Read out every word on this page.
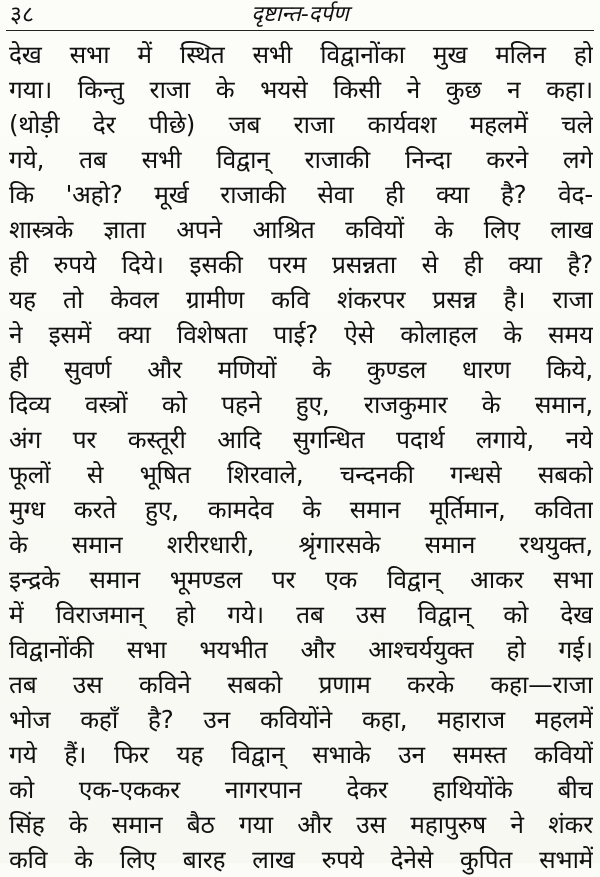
३८	दृष्टान्त-दर्पण
देख सभा में स्थित सभी विद्वानोंका मुख मलिन हो
गया। किन्तु राजा के भयसे किसी ने कुछ न कहा।
(थोड़ी देर पीछे) जब राजा कार्यवश महलमें चले
गये, तब सभी विद्वान् राजाकी निन्दा करने लगे
कि 'अहो? मूर्ख राजाकी सेवा ही क्या है? वेद-
शास्त्रके ज्ञाता अपने आश्रित कवियों के लिए लाख
ही रुपये दिये। इसकी परम प्रसन्नता से ही क्या है?
यह तो केवल ग्रामीण कवि शंकरपर प्रसन्न है। राजा
ने इसमें क्या विशेषता पाई? ऐसे कोलाहल के समय
ही सुवर्ण और मणियों के कुण्डल धारण किये,
दिव्य वस्त्रों को पहने हुए, राजकुमार के समान,
अंग पर कस्तूरी आदि सुगन्धित पदार्थ लगाये, नये
फूलों से भूषित शिरवाले, चन्दनकी गन्धसे सबको
मुग्ध करते हुए, कामदेव के समान मूर्तिमान, कविता
के समान शरीरधारी, श्रृंगारसके समान रथयुक्त,
इन्द्रके समान भूमण्डल पर एक विद्वान् आकर सभा
में विराजमान् हो गये। तब उस विद्वान् को देख
विद्वानोंकी सभा भयभीत और आश्चर्ययुक्त हो गई।
तब उस कविने सबको प्रणाम करके कहा—राजा
भोज कहाँ है? उन कवियोंने कहा, महाराज महलमें
गये हैं। फिर यह विद्वान् सभाके उन समस्त कवियों
को एक-एककर नागरपान देकर हाथियोंके बीच
सिंह के समान बैठ गया और उस महापुरुष ने शंकर
कवि के लिए बारह लाख रुपये देनेसे कुपित सभामें
